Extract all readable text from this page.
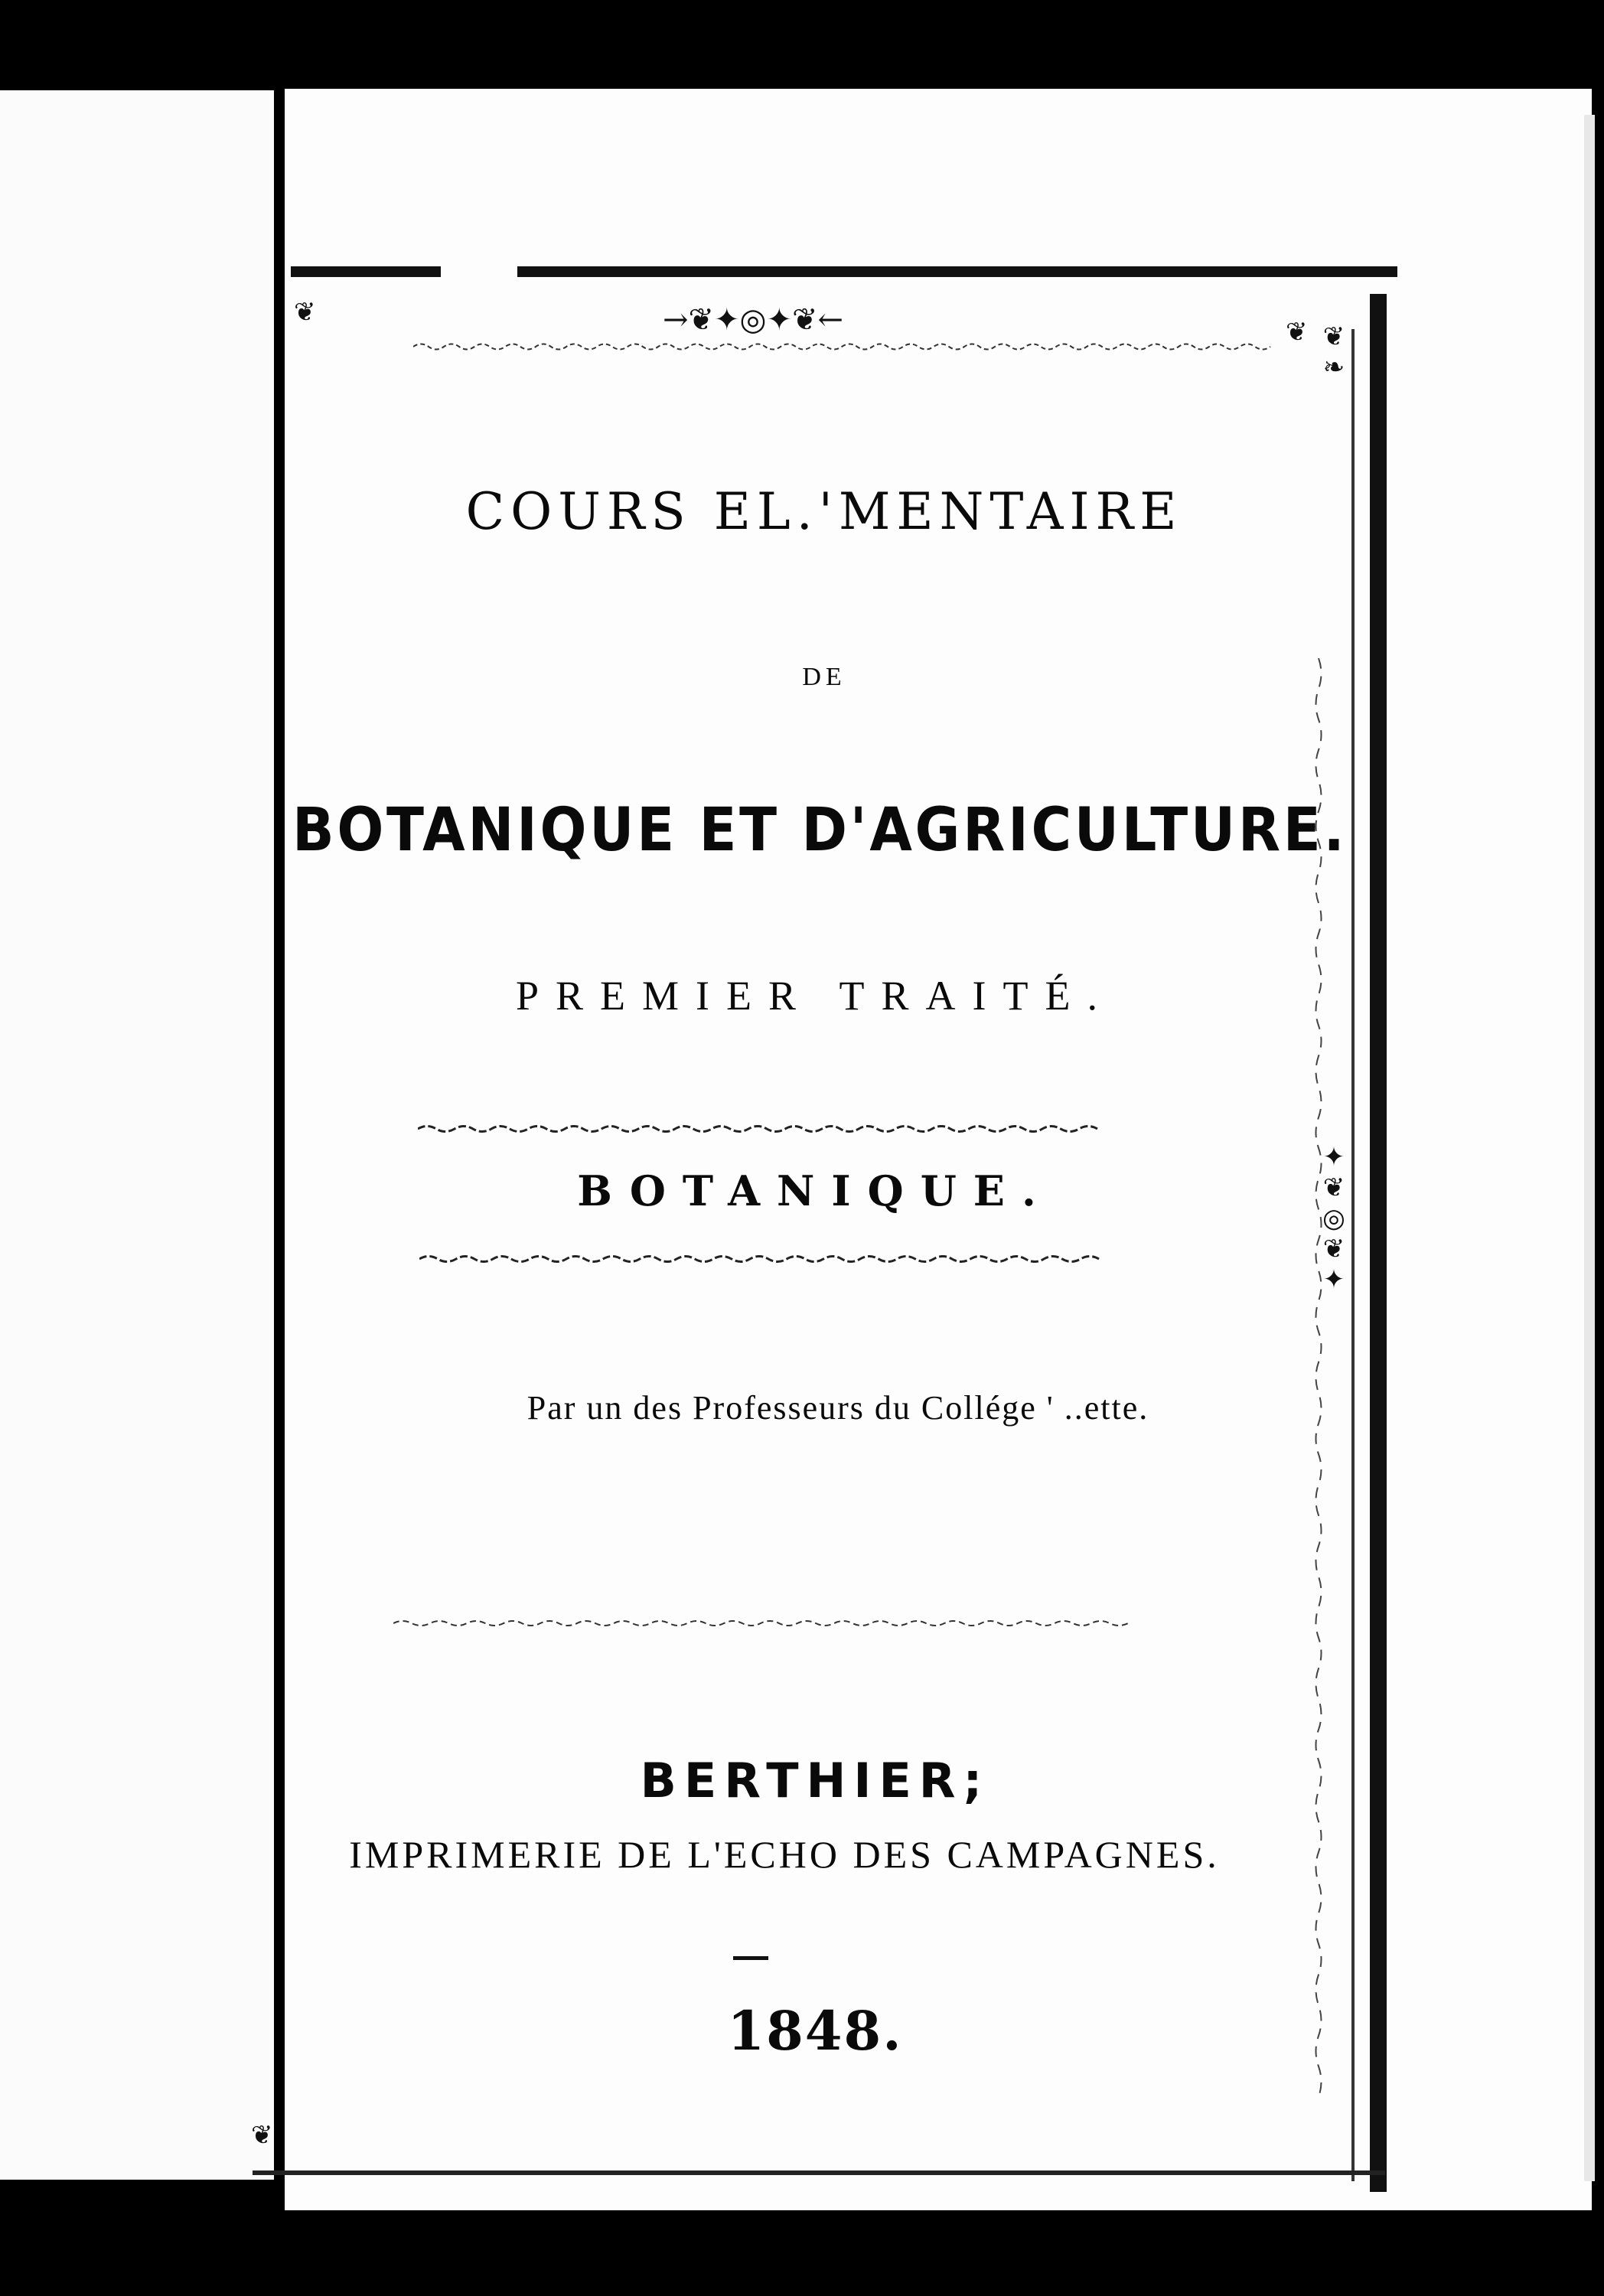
❦	→❦✦◎✦❦←	❦ ❦❧
✦❦◎❦✦
❦
COURS EL.'MENTAIRE
DE
BOTANIQUE ET D'AGRICULTURE.
PREMIER TRAITÉ.
BOTANIQUE.
Par un des Professeurs du Collége ' ..ette.
BERTHIER;
IMPRIMERIE DE L'ECHO DES CAMPAGNES.
1848.
